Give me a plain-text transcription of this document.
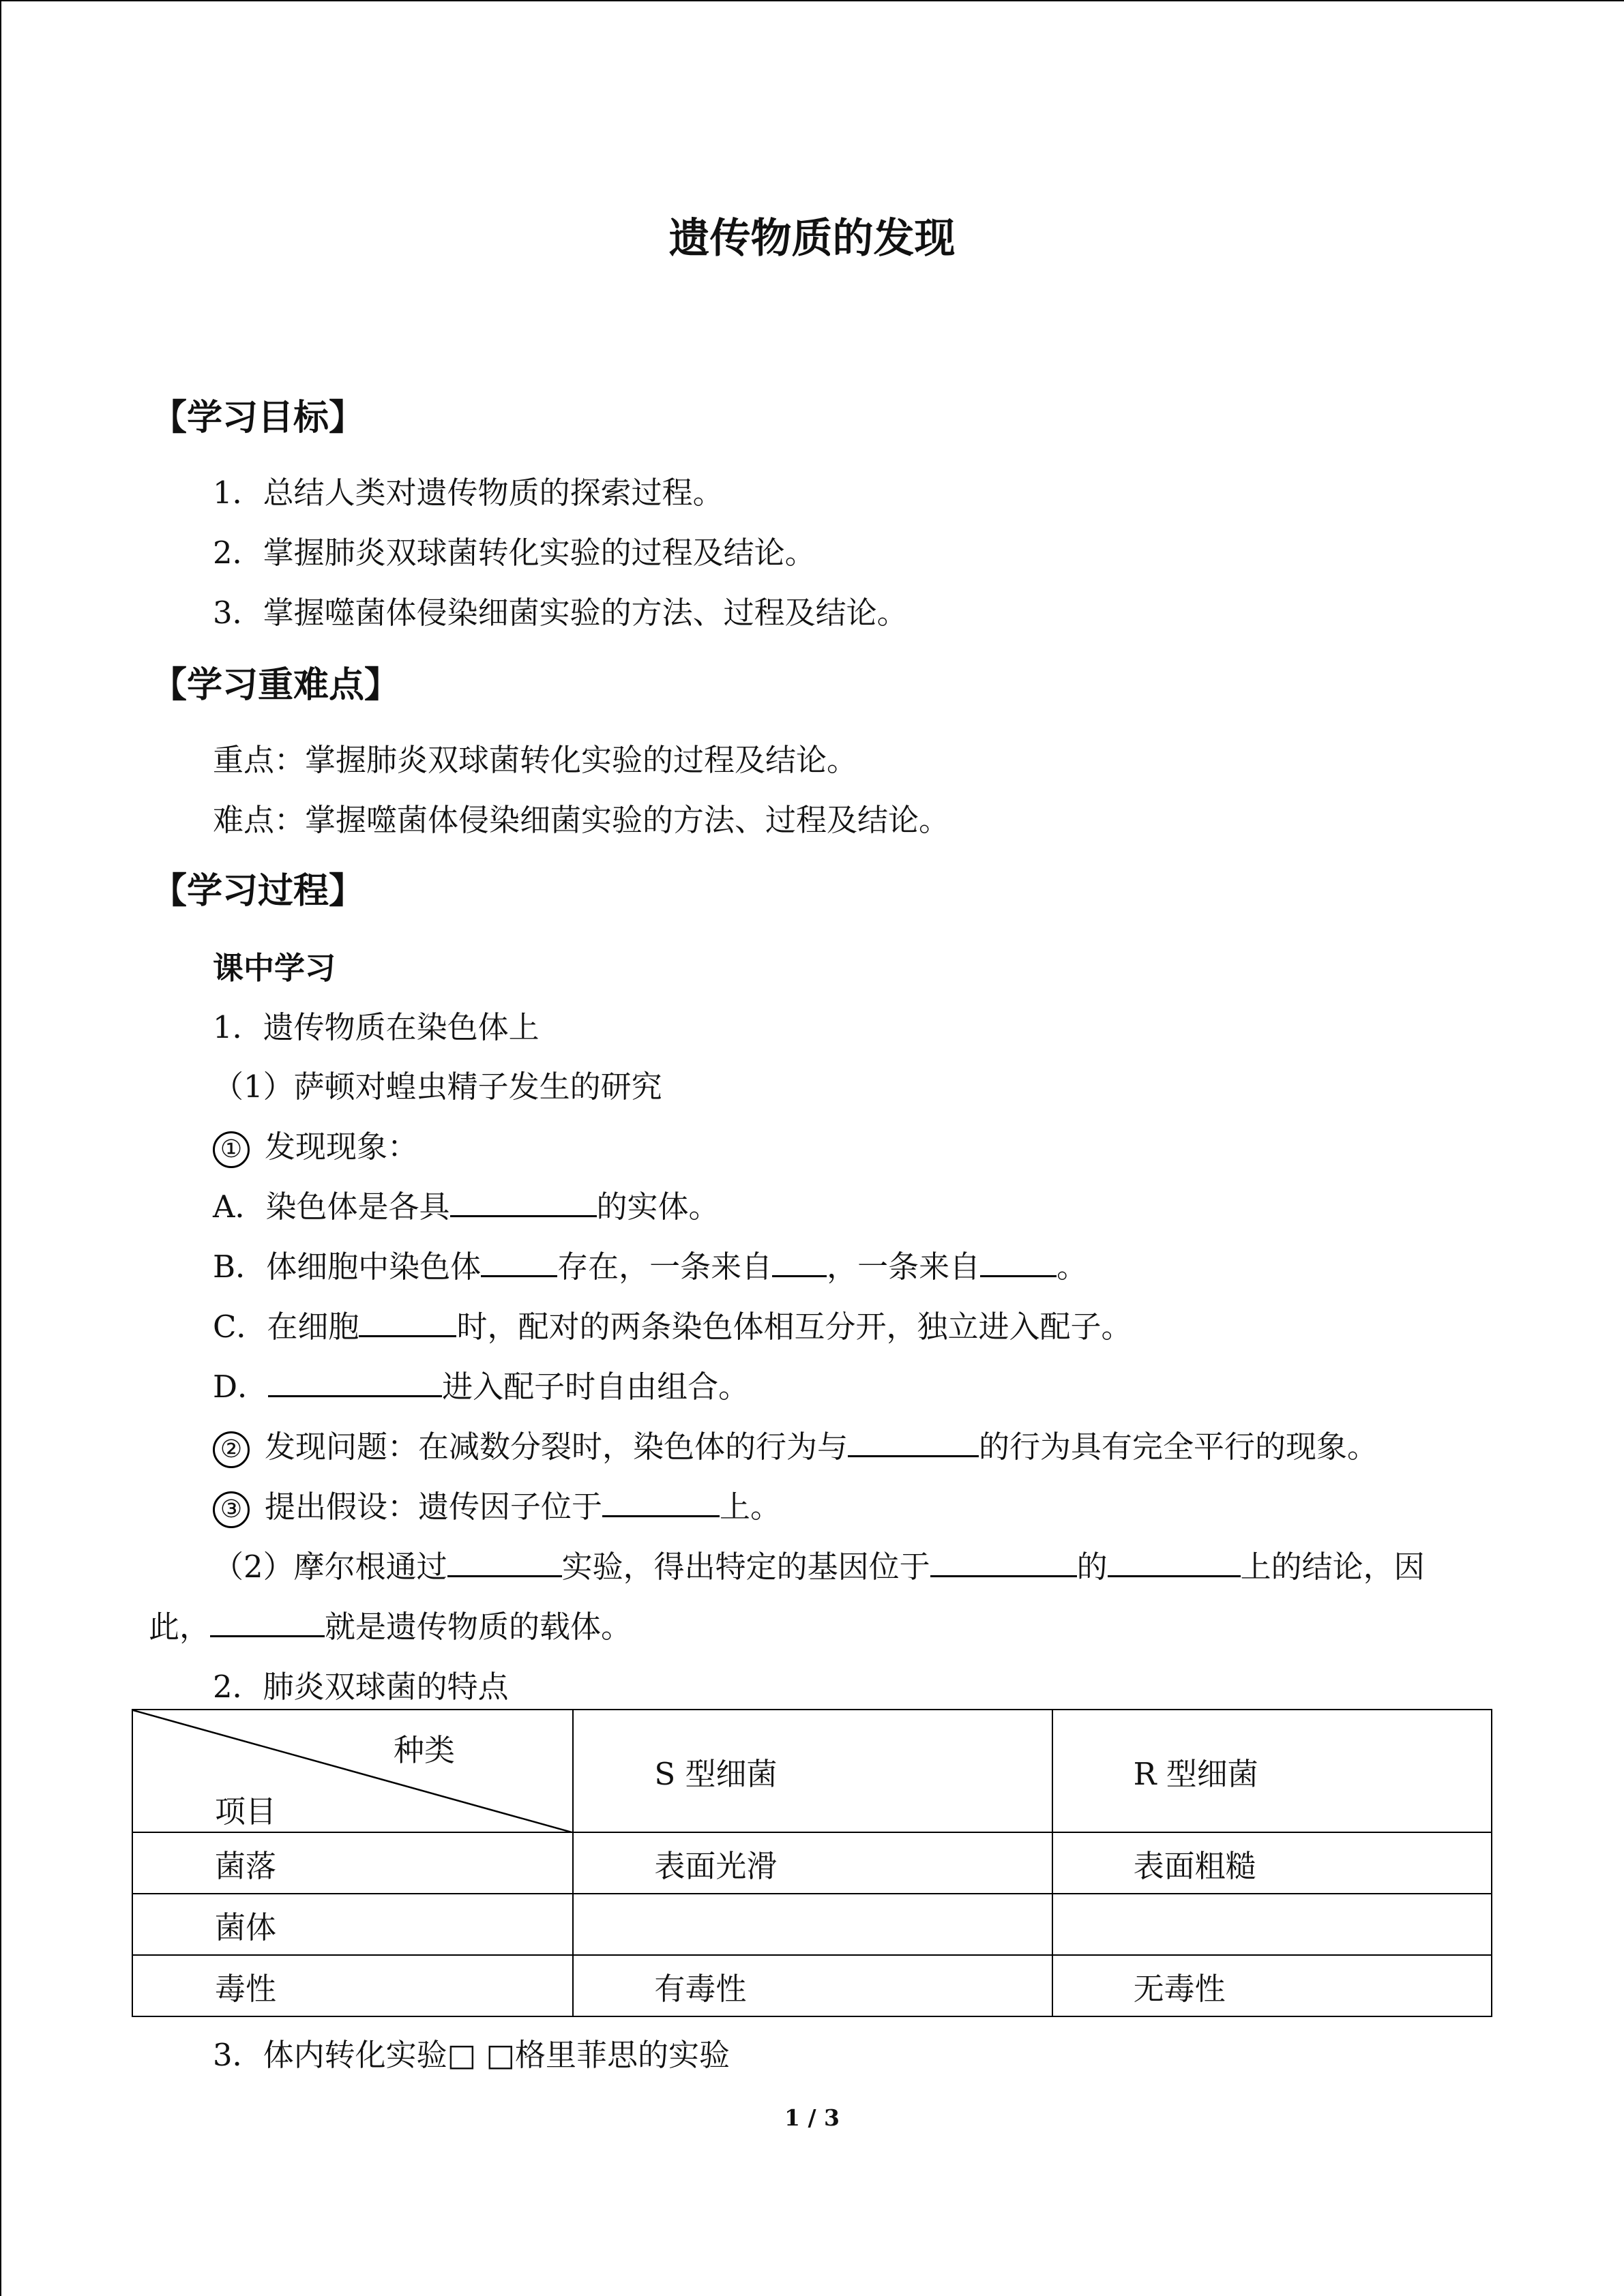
遗传物质的发现
【学习目标】
1．总结人类对遗传物质的探索过程。
2．掌握肺炎双球菌转化实验的过程及结论。
3．掌握噬菌体侵染细菌实验的方法、过程及结论。
【学习重难点】
重点：掌握肺炎双球菌转化实验的过程及结论。
难点：掌握噬菌体侵染细菌实验的方法、过程及结论。
【学习过程】
课中学习
1．遗传物质在染色体上
（1）萨顿对蝗虫精子发生的研究
① 发现现象：
A．染色体是各具	的实体。
B．体细胞中染色体 存在，一条来自 ，一条来自 。
C．在细胞	时，配对的两条染色体相互分开，独立进入配子。
D．	进入配子时自由组合。
② 发现问题：在减数分裂时，染色体的行为与	的行为具有完全平行的现象。
③ 提出假设：遗传因子位于	上。
（2）摩尔根通过	实验，得出特定的基因位于	的	上的结论，因
此，	就是遗传物质的载体。
2．肺炎双球菌的特点
种类
项目	S 型细菌	R 型细菌
菌落	表面光滑	表面粗糙
菌体		
毒性	有毒性	无毒性
3．体内转化实验□ □格里菲思的实验
1 / 3
